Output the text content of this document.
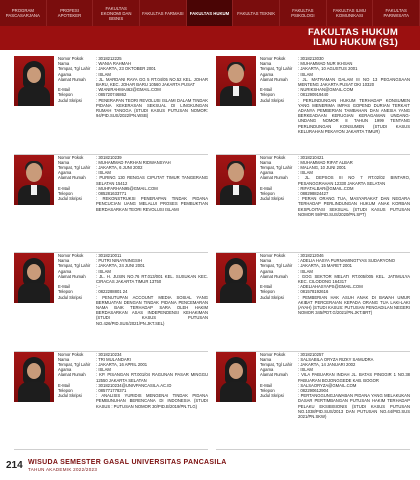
PROGRAM PASCASARJANA
PROFESI APOTEKER
FAKULTAS EKONOMI DAN BISNIS
FAKULTAS FARMASI	FAKULTAS HUKUM	FAKULTAS TEKNIK	FAKULTAS PSIKOLOGI
FAKULTAS ILMU KOMUNIKASI
FAKULTAS PARIWISATA
FAKULTAS HUKUM
ILMU HUKUM (S1)
Nomor Pokok	: 3018212225
Nama	: WANIA RAHMAH
Tempat, Tgl Lahir	: JAKARTA, 23 OKTOBER 2001
Agama	: ISLAM
Alamat Rumah	: JL. MARDANI RAYA GG 5 RT.04/05 NO.52 KEL. JOHAR BARU, KEC. JOHAR BARU 10560 JAKARTA PUSAT
E-Mail	: WIANIRAHMA462@GMAIL.COM
Telepon	: 085720746862
Judul Skripsi	: PENERAPAN TEORI REVOLUSI ISLAMI DALAM TINDAK PIDANA KEKERASAN SEKSUAL DI LINGKUNGAN RUMAH TANGGA (STUDI KASUS PUTUSAN NOMOR: 94/PID.SUS/2022/PN.WSB)
Nomor Pokok	: 3018213030
Nama	: MUHAMMAD NUR IKHSAN
Tempat, Tgl Lahir	: JAKARTA, 10 AGUSTUS 2001
Agama	: ISLAM
Alamat Rumah	: JL. MATRAMAN DALAM III NO 13 PEGANGSAAN MENTENG JAKARTA PUSAT DKI 10320
E-Mail	: NURIKSHAN@GMAIL.COM
Telepon	: 081290919440
Judul Skripsi	: PERLINDUNGAN HUKUM TERHADAP KONSUMEN YANG MENERIMA IMPAS GOPEND DURIAN TERKAIT ADANYA PEMBERIAN TAMBAHAN DAN ANESIA YANG BERKEADAAN KERUGIAN KERAGAMAN UNDANG-UNDANG NOMOR 8 TAHUN 1999 TENTANG PERLINDUNGAN KONSUMEN (STUDI KASUS KELURAHAN PEKAYON JAKARTA TIMUR)
Nomor Pokok	: 3018210239
Nama	: MUHAMMAD FARHAN RIDWANSYAH
Tempat, Tgl Lahir	: JAKARTA, 6 JUNI 2002
Agama	: ISLAM
Alamat Rumah	: PURING 130 RENGAS CIPUTAT TIMUR TANGERANG SELATAN 15412
E-Mail	: MUHFARHAN95@GMAIL.COM
Telepon	: 085281633771
Judul Skripsi	: REKONSTRUKSI PENERAPAN TINDAK PIDANA PENCUCIAN UANG MELALUI PROSES PEMBUKTIAN BERDASARKAN TEORI REVOLUSI ISLAMI
Nomor Pokok	: 3018210421
Nama	: MUHAMMAD RIFAT ALBAR
Tempat, Tgl Lahir	: MALANG, 10 JUNI 2001
Agama	: ISLAM
Alamat Rumah	: JL. DEPSOS III NO 7 RT.02/02 BINTARO, PESANGGRAHAN 12330 JAKARTA SELATAN
E-Mail	: RIFATALBAR@GMAIL.COM
Telepon	: 088298824427
Judul Skripsi	: PERAN ORANG TUA, MASYARAKAT DAN NEGARA TERHADAP PERLINDUNGAN HUKUM ANAK KORBAN EKSPLOITASI SEKSUAL (STUDI KASUS PUTUSAN NOMOR 59/PID.SUS/2020/PN.SPT)
Nomor Pokok	: 3018210011
Nama	: PUTRI NINAYNINGSIH
Tempat, Tgl Lahir	: JAKARTA, 24 JUNI 2001
Agama	: ISLAM
Alamat Rumah	: JL. H. JUSIN NO.76 RT.013/001 KEL. SUSUKAN KEC. CIRACAS JAKARTA TIMUR 13750
E-Mail	: -
Telepon	: 0822288801 24
Judul Skripsi	: PENUTUPAN ACCOUNT MEDIA SOSIAL YANG BERMUATAN DENGAN TINDAK PIDANA PENCEMARAN NAMA BAIK TERHADAP SARA OLEH HAKIM BERDASARKAN ASAS INDEPENDENSI KEHAKIMAN (STUDI KASUS PUTUSAN NO.426/PID.SUS/2021/PN.JKT.SEL)
Nomor Pokok	: 3018212046
Nama	: ADELIA HASYA PURNAMINGTYAS SUDARYONO
Tempat, Tgl Lahir	: JAKARTA, 15 MARET 2001
Agama	: ISLAM
Alamat Rumah	: GOG SEKTOR MELATI RT.005/005 KEL. JATIMULYA KEC. CILODONG 164317
E-Mail	: ADELIAHASYAPS@GMAIL.COM
Telepon	: 081578192616
Judul Skripsi	: PEMBERIAN HAK ASUH ANAK DI BAWAH UMUR AKIBAT PERCERAIAN KEPADA ORANG TUA LAKI-LAKI (AYAH) (STUDI KASUS: PUTUSAN PENGADILAN NEGERI NOMOR 345/PDT.G/2021/PN.JKT.BRT)
Nomor Pokok	: 3018210234
Nama	: TRI MULANDARI
Tempat, Tgl Lahir	: JAKARTA, 16 APRIL 2001
Agama	: ISLAM
Alamat Rumah	: KP. PISANGAN RT.001/04 RAGUNAN PASAR MINGGU 12550 JAKARTA SELATAN
E-Mail	: 3018210234@UNIVPANCASILA.AC.ID
Telepon	: 085771778371
Judul Skripsi	: ANALISIS YURIDIS MENGENAI TINDAK PIDANA PEMBUNUHAN BERENCANA DI INDONESIA (STUDI KASUS : PUTUSAN NOMOR 30/PID.B/2019/PN.TLG)
Nomor Pokok	: 3018210257
Nama	: SALSABILA ORYZA RIZKY SAMUDRA
Tempat, Tgl Lahir	: JAKARTA, 14 JANUARI 2002
Agama	: ISLAM
Alamat Rumah	: VILA PABUARAN INDAH JL. BATAS PINGGIR 1 NO.38 PABUARAN BOJONGGEDE KAB. BOGOR
E-Mail	: SALSAORYZA@GMAIL.COM
Telepon	: 082290612904
Judul Skripsi	: PERTANGGUNGJAWABAN PIDANA YANG MELAKUKAN DASAR PERTIMBANGAN PUTUSAN HAKIM TERHADAP PELAKU EKSIBISIONIS (STUDI KASUS PUTUSAN NO.1038/PID.SUS/2013 DAN PUTUSAN NO.44/PID.SUS 2021/PN.SKW)
214 WISUDA SEMESTER GASAL UNIVERSITAS PANCASILA
TAHUN AKADEMIK 2022/2023
